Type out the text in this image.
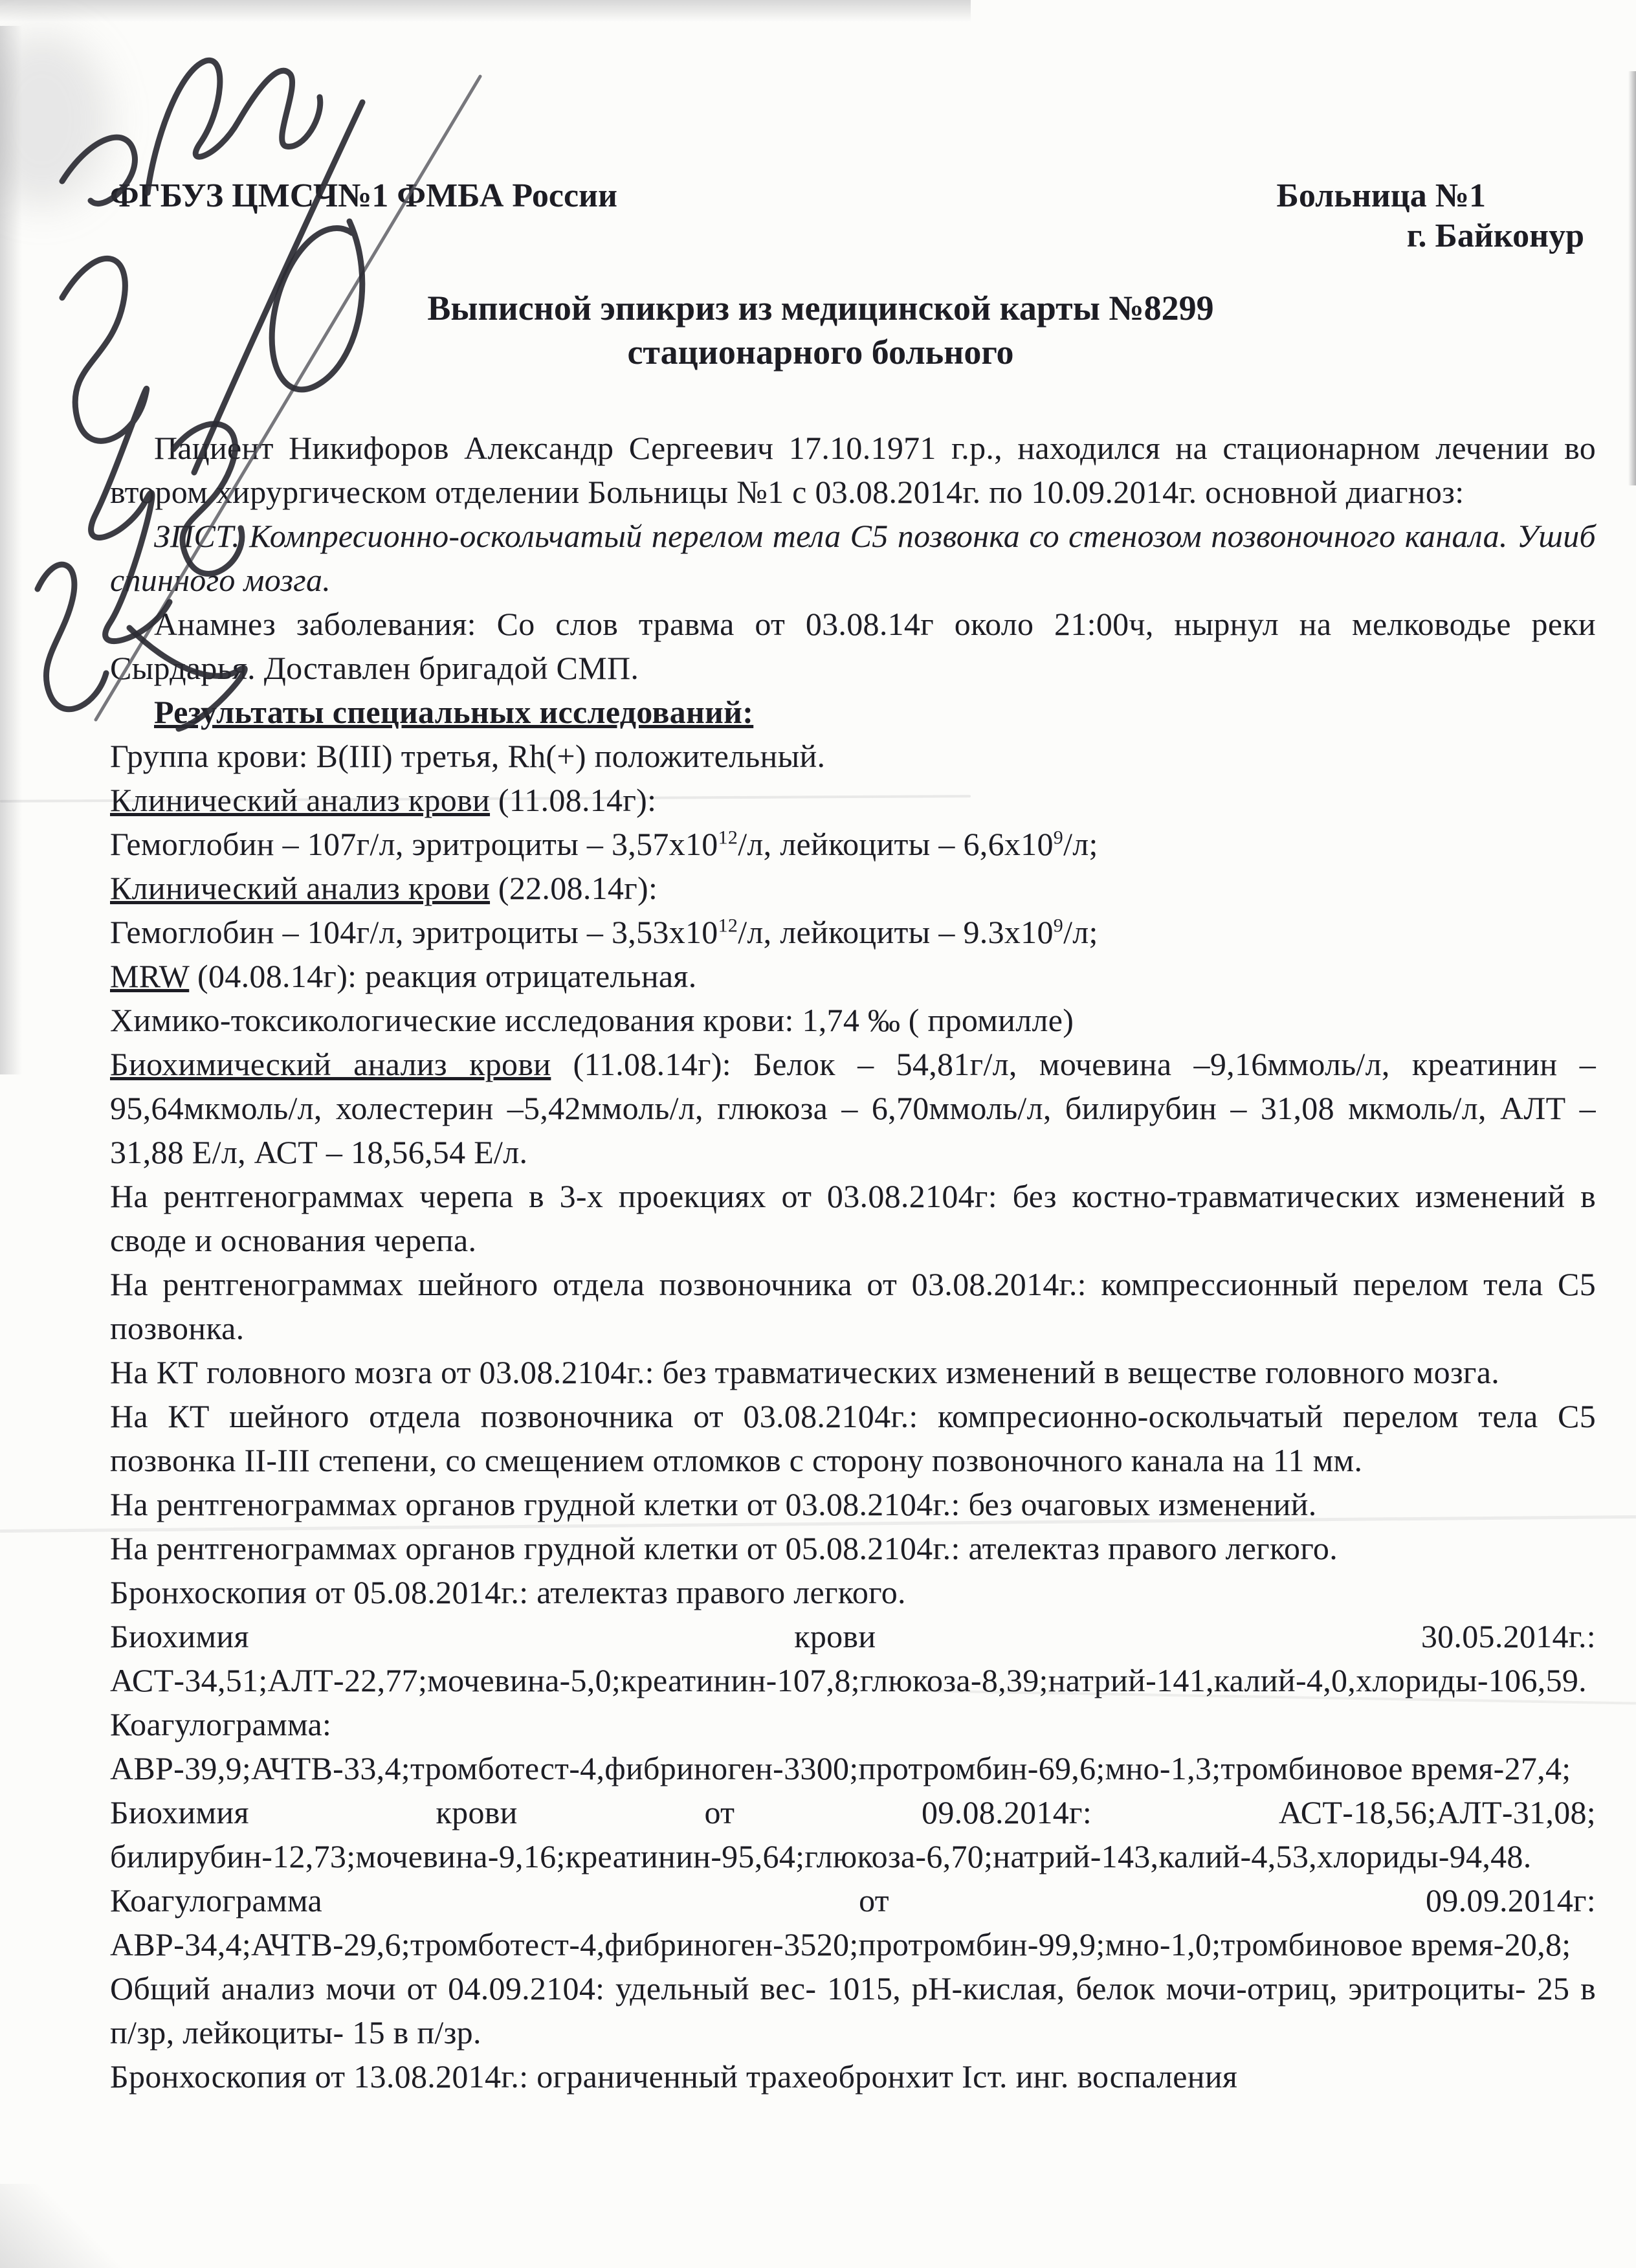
ФГБУЗ ЦМСЧ№1 ФМБА России	Больница №1
г. Байконур
Выписной эпикриз из медицинской карты №8299
стационарного больного

Пациент Никифоров Александр Сергеевич 17.10.1971 г.р., находился на стационарном лечении во втором хирургическом отделении Больницы №1 с 03.08.2014г. по 10.09.2014г. основной диагноз:

ЗПСТ. Компресионно-оскольчатый перелом тела С5 позвонка со стенозом позвоночного канала. Ушиб спинного мозга.

Анамнез заболевания: Со слов травма от 03.08.14г около 21:00ч, нырнул на мелководье реки Сырдарья. Доставлен бригадой СМП.

Результаты специальных исследований:

Группа крови: В(III) третья, Rh(+) положительный.

Клинический анализ крови (11.08.14г):

Гемоглобин – 107г/л, эритроциты – $3,57x10^{12}/л$, лейкоциты – $6,6x10^9/л$;

Клинический анализ крови (22.08.14г):

Гемоглобин – 104г/л, эритроциты – $3,53x10^{12}/л$, лейкоциты – $9.3x10^9/л$;

MRW (04.08.14г): реакция отрицательная.

Химико-токсикологические исследования крови: 1,74 ‰ ( промилле)

Биохимический анализ крови (11.08.14г): Белок – 54,81г/л, мочевина –9,16ммоль/л, креатинин –95,64мкмоль/л, холестерин –5,42ммоль/л, глюкоза – 6,70ммоль/л, билирубин – 31,08 мкмоль/л, АЛТ – 31,88 Е/л, АСТ – 18,56,54 Е/л.

На рентгенограммах черепа в 3-х проекциях от 03.08.2104г: без костно-травматических изменений в своде и основания черепа.

На рентгенограммах шейного отдела позвоночника от 03.08.2014г.: компрессионный перелом тела С5 позвонка.

На КТ головного мозга от 03.08.2104г.: без травматических изменений в веществе головного мозга.

На КТ шейного отдела позвоночника от 03.08.2104г.: компресионно-оскольчатый перелом тела С5 позвонка II-III степени, со смещением отломков с сторону позвоночного канала на 11 мм.

На рентгенограммах органов грудной клетки от 03.08.2104г.: без очаговых изменений.

На рентгенограммах органов грудной клетки от 05.08.2104г.: ателектаз правого легкого.

Бронхоскопия от 05.08.2014г.: ателектаз правого легкого.

Биохимия крови 30.05.2014г.: АСТ-34,51;АЛТ-22,77;мочевина-5,0;креатинин-107,8;глюкоза-8,39;натрий-141,калий-4,0,хлориды-106,59.

Коагулограмма: АВР-39,9;АЧТВ-33,4;тромботест-4,фибриноген-3300;протромбин-69,6;мно-1,3;тромбиновое время-27,4;

Биохимия крови от 09.08.2014г: АСТ-18,56;АЛТ-31,08; билирубин-12,73;мочевина-9,16;креатинин-95,64;глюкоза-6,70;натрий-143,калий-4,53,хлориды-94,48.

Коагулограмма от 09.09.2014г: АВР-34,4;АЧТВ-29,6;тромботест-4,фибриноген-3520;протромбин-99,9;мно-1,0;тромбиновое время-20,8;

Общий анализ мочи от 04.09.2104: удельный вес- 1015, pH-кислая, белок мочи-отриц, эритроциты- 25 в п/зр, лейкоциты- 15 в п/зр.

Бронхоскопия от 13.08.2014г.: ограниченный трахеобронхит Iст. инг. воспаления
